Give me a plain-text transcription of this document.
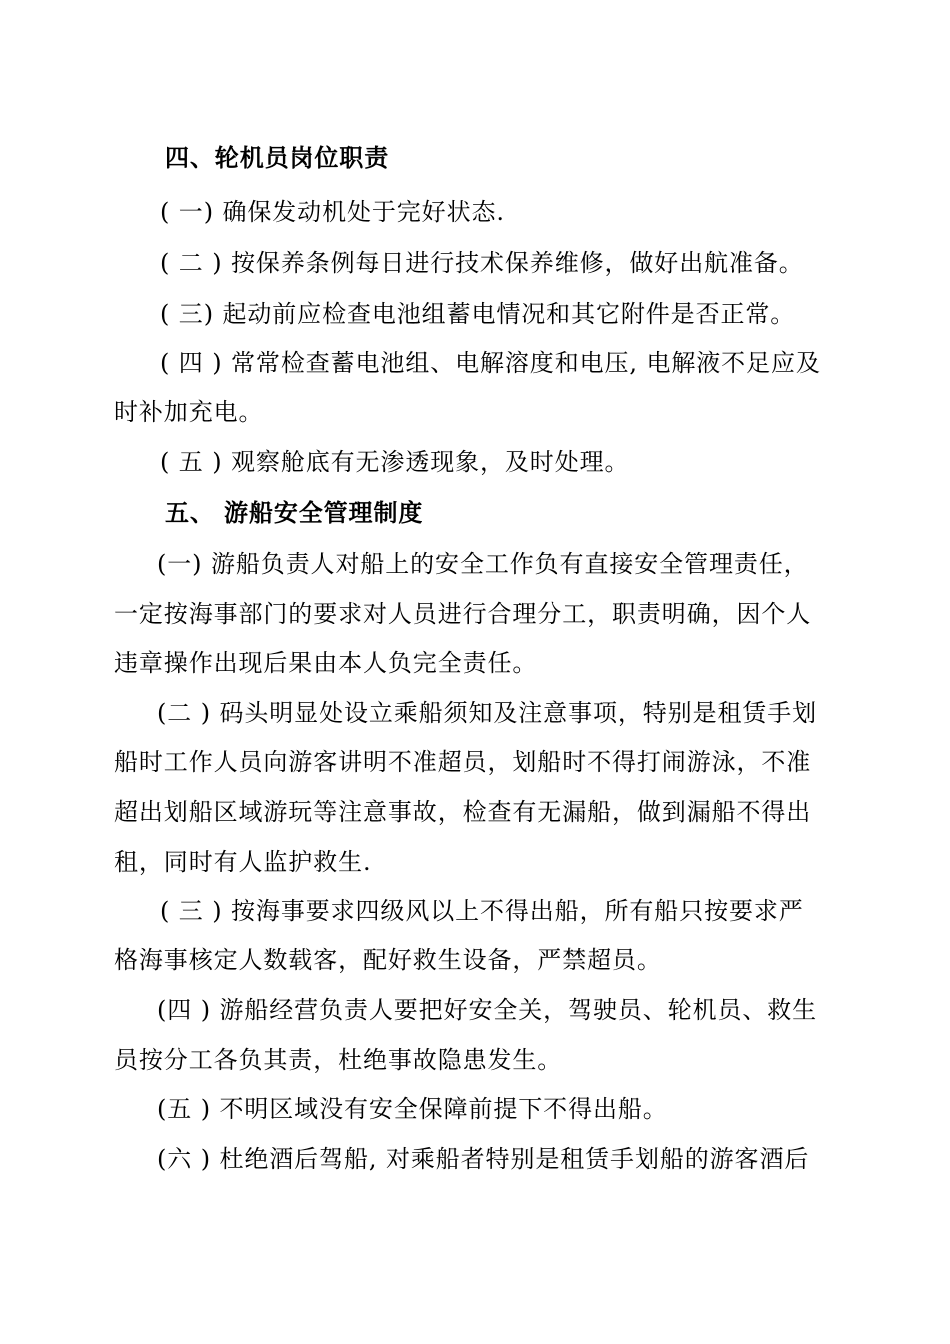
四、轮机员岗位职责
( 一) 确保发动机处于完好状态.
( 二 ) 按保养条例每日进行技术保养维修，做好出航准备。
( 三) 起动前应检查电池组蓄电情况和其它附件是否正常。
( 四 ) 常常检查蓄电池组、电解溶度和电压, 电解液不足应及
时补加充电。
( 五 ) 观察舱底有无渗透现象，及时处理。
五、 游船安全管理制度
(一) 游船负责人对船上的安全工作负有直接安全管理责任，
一定按海事部门的要求对人员进行合理分工，职责明确，因个人
违章操作出现后果由本人负完全责任。
(二 ) 码头明显处设立乘船须知及注意事项，特别是租赁手划
船时工作人员向游客讲明不准超员，划船时不得打闹游泳，不准
超出划船区域游玩等注意事故，检查有无漏船，做到漏船不得出
租，同时有人监护救生.
( 三 ) 按海事要求四级风以上不得出船，所有船只按要求严
格海事核定人数载客，配好救生设备，严禁超员。
(四 ) 游船经营负责人要把好安全关，驾驶员、轮机员、救生
员按分工各负其责，杜绝事故隐患发生。
(五 ) 不明区域没有安全保障前提下不得出船。
(六 ) 杜绝酒后驾船, 对乘船者特别是租赁手划船的游客酒后
